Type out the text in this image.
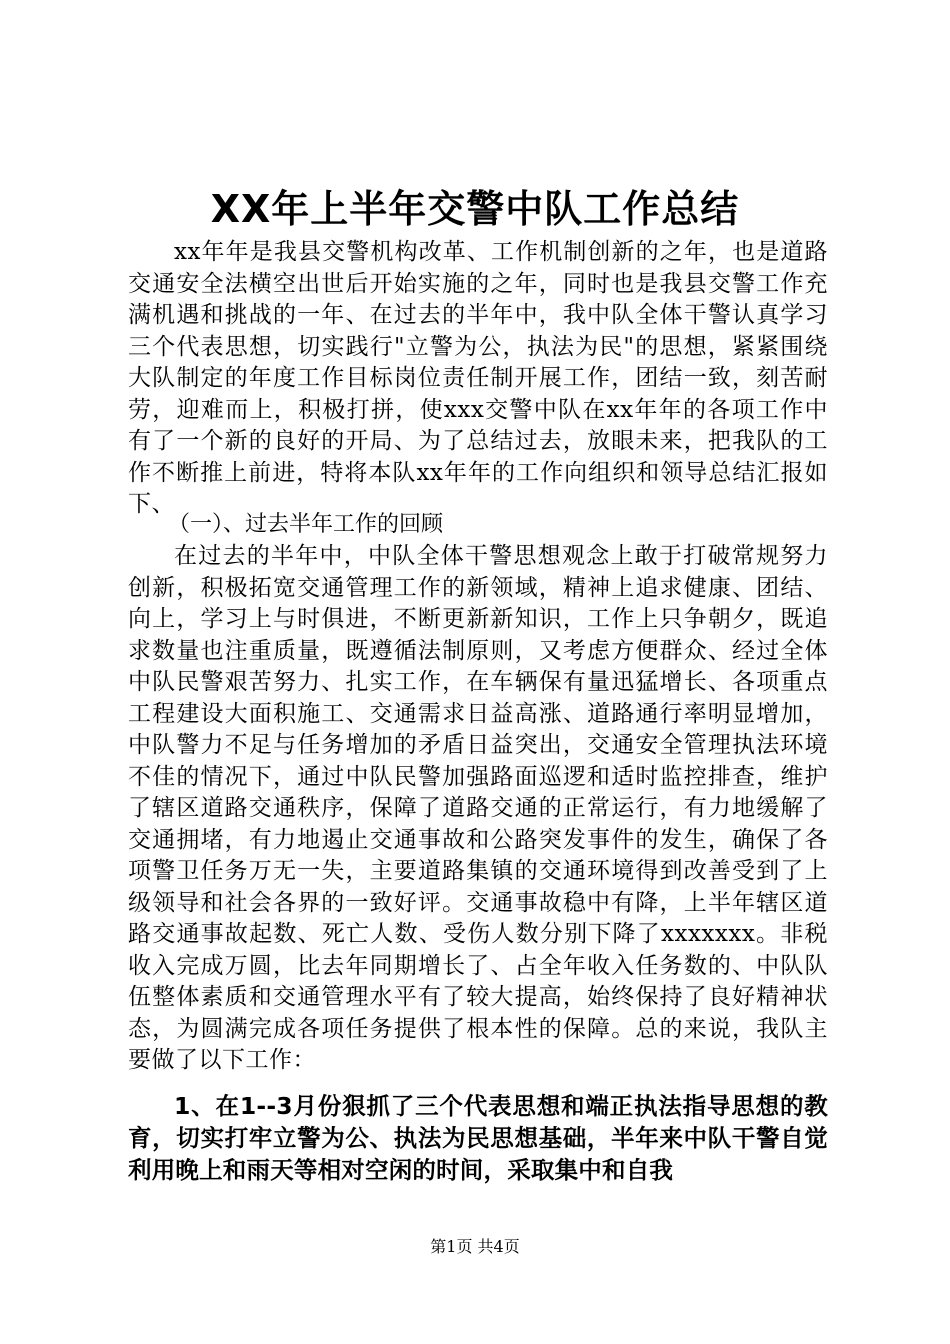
XX年上半年交警中队工作总结

xx年年是我县交警机构改革、工作机制创新的之年，也是道路交通安全法横空出世后开始实施的之年，同时也是我县交警工作充满机遇和挑战的一年、在过去的半年中，我中队全体干警认真学习三个代表思想，切实践行"立警为公，执法为民"的思想，紧紧围绕大队制定的年度工作目标岗位责任制开展工作，团结一致，刻苦耐劳，迎难而上，积极打拼，使xxx交警中队在xx年年的各项工作中有了一个新的良好的开局、为了总结过去，放眼未来，把我队的工作不断推上前进，特将本队xx年年的工作向组织和领导总结汇报如下、

（一）、过去半年工作的回顾

在过去的半年中，中队全体干警思想观念上敢于打破常规努力创新，积极拓宽交通管理工作的新领域，精神上追求健康、团结、向上，学习上与时俱进，不断更新新知识，工作上只争朝夕，既追求数量也注重质量，既遵循法制原则，又考虑方便群众、经过全体中队民警艰苦努力、扎实工作，在车辆保有量迅猛增长、各项重点工程建设大面积施工、交通需求日益高涨、道路通行率明显增加，中队警力不足与任务增加的矛盾日益突出，交通安全管理执法环境不佳的情况下，通过中队民警加强路面巡逻和适时监控排查，维护了辖区道路交通秩序，保障了道路交通的正常运行，有力地缓解了交通拥堵，有力地遏止交通事故和公路突发事件的发生，确保了各项警卫任务万无一失，主要道路集镇的交通环境得到改善受到了上级领导和社会各界的一致好评。交通事故稳中有降，上半年辖区道路交通事故起数、死亡人数、受伤人数分别下降了xxxxxxx。非税收入完成万圆，比去年同期增长了、占全年收入任务数的、中队队伍整体素质和交通管理水平有了较大提高，始终保持了良好精神状态，为圆满完成各项任务提供了根本性的保障。总的来说，我队主要做了以下工作：

1、在1--3月份狠抓了三个代表思想和端正执法指导思想的教育，切实打牢立警为公、执法为民思想基础，半年来中队干警自觉利用晚上和雨天等相对空闲的时间，采取集中和自我

第1页 共4页
